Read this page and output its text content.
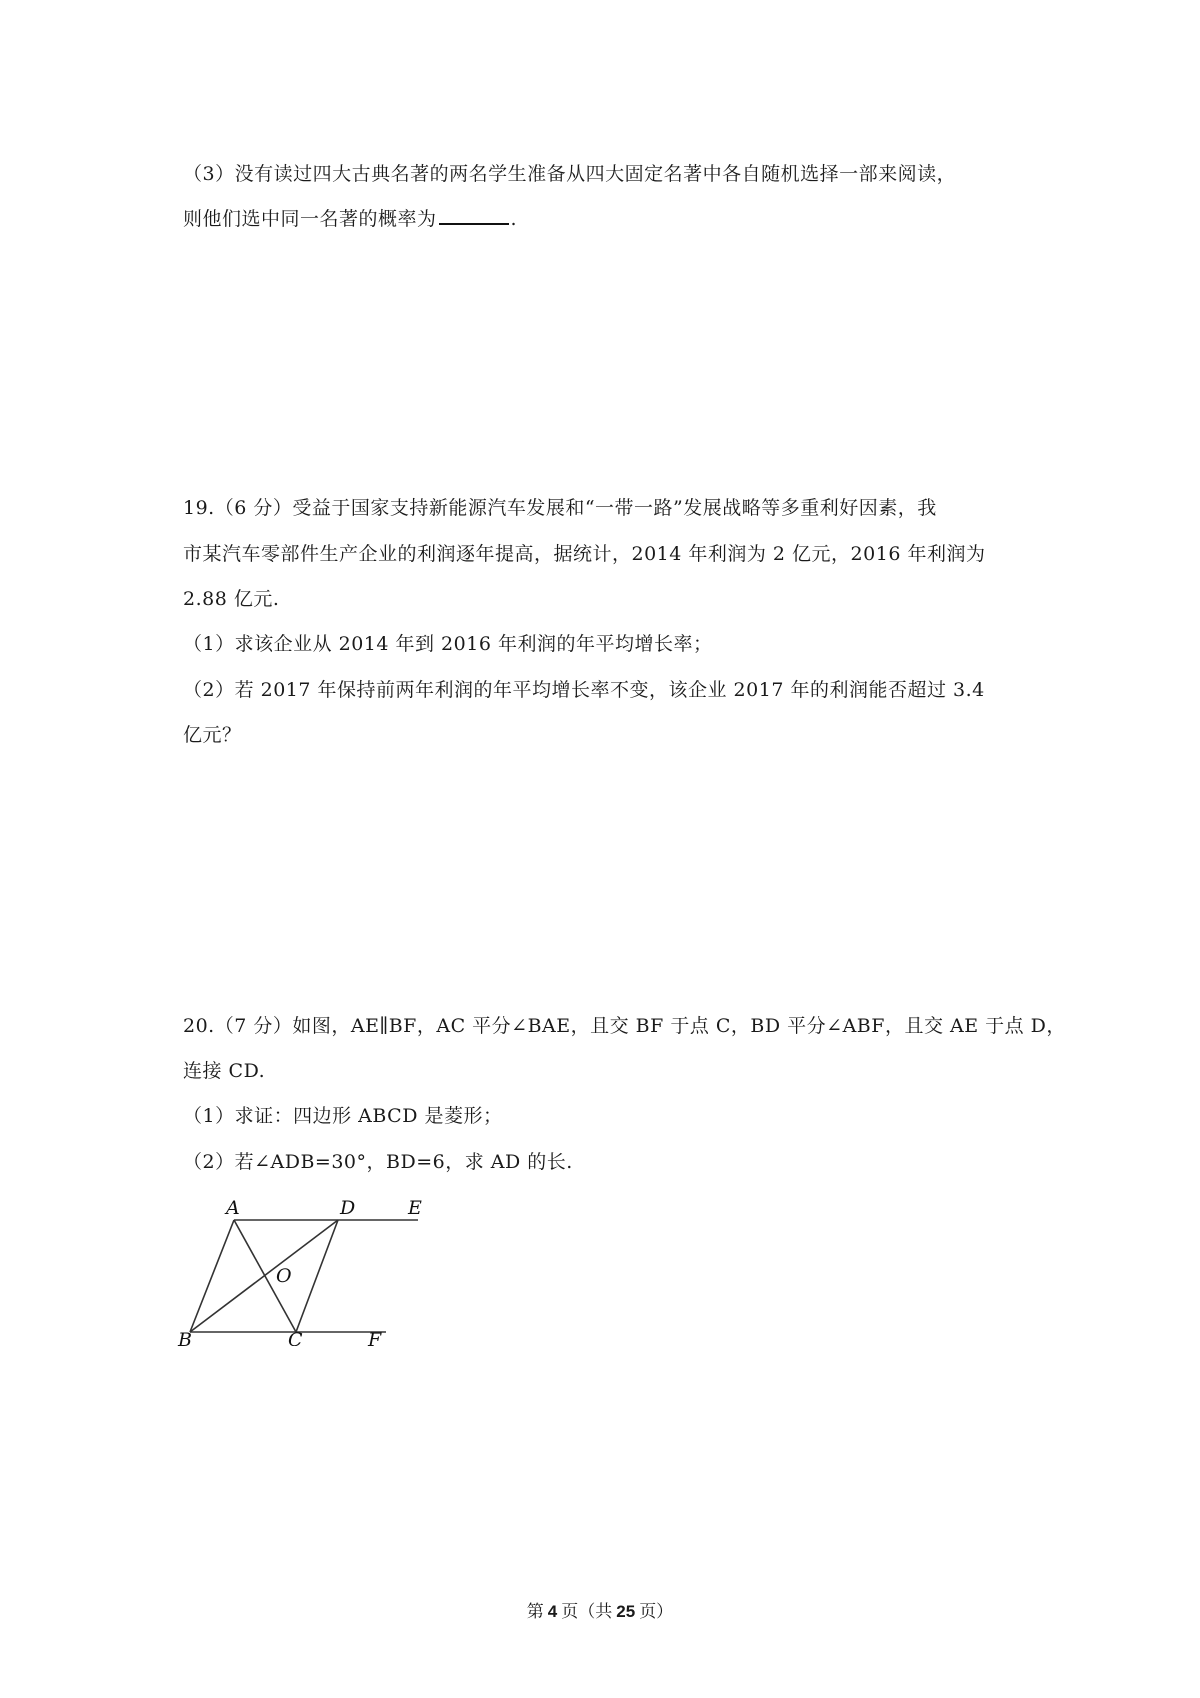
（3）没有读过四大古典名著的两名学生准备从四大固定名著中各自随机选择一部来阅读，
则他们选中同一名著的概率为	.
19.（6 分）受益于国家支持新能源汽车发展和“一带一路”发展战略等多重利好因素，我
市某汽车零部件生产企业的利润逐年提高，据统计，2014 年利润为 2 亿元，2016 年利润为
2.88 亿元.
（1）求该企业从 2014 年到 2016 年利润的年平均增长率；
（2）若 2017 年保持前两年利润的年平均增长率不变，该企业 2017 年的利润能否超过 3.4
亿元？
20.（7 分）如图，AE∥BF，AC 平分∠BAE，且交 BF 于点 C，BD 平分∠ABF，且交 AE 于点 D，
连接 CD.
（1）求证：四边形 ABCD 是菱形；
（2）若∠ADB=30°，BD=6，求 AD 的长.
A	D	E
O
B	C	F
第 4 页（共 25 页）
